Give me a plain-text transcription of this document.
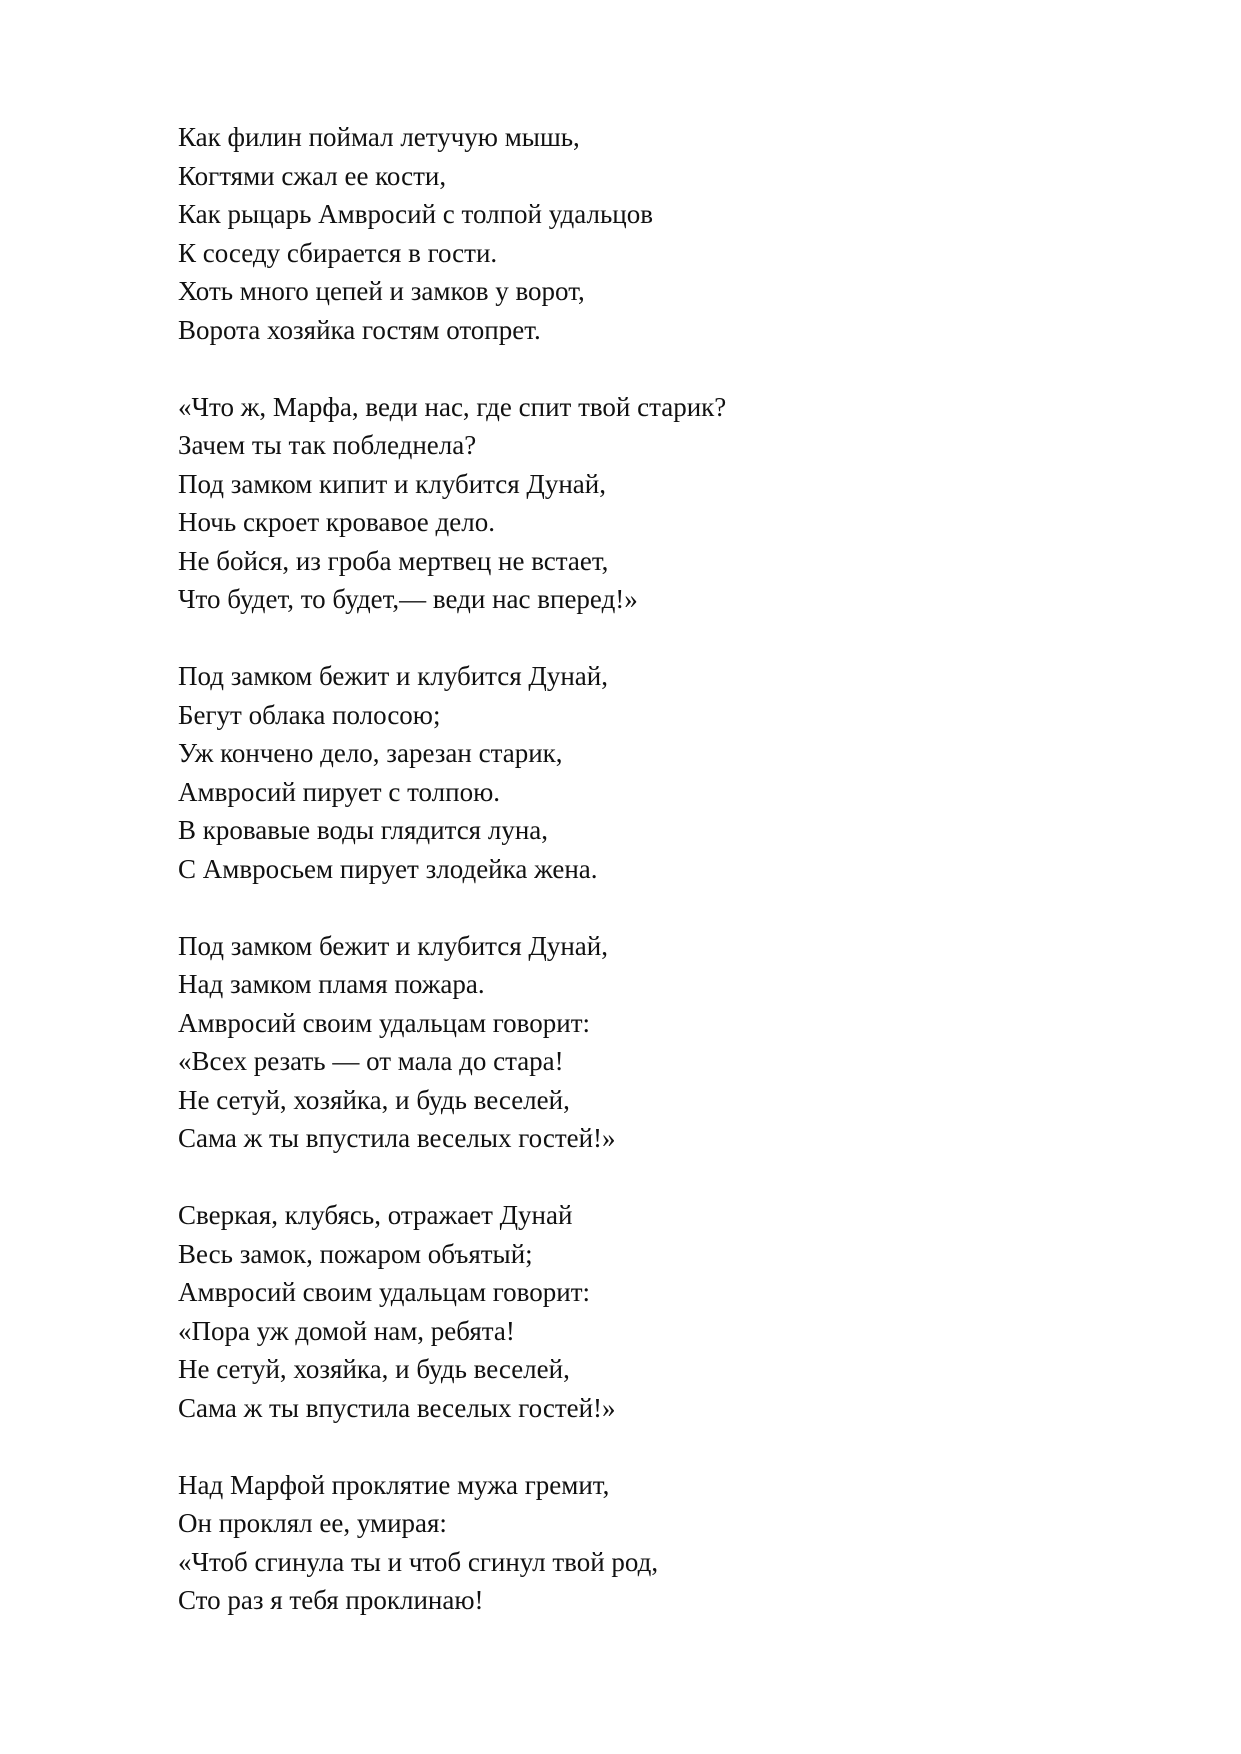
Как филин поймал летучую мышь,
Когтями сжал ее кости,
Как рыцарь Амвросий с толпой удальцов
К соседу сбирается в гости.
Хоть много цепей и замков у ворот,
Ворота хозяйка гостям отопрет.
«Что ж, Марфа, веди нас, где спит твой старик?
Зачем ты так побледнела?
Под замком кипит и клубится Дунай,
Ночь скроет кровавое дело.
Не бойся, из гроба мертвец не встает,
Что будет, то будет,— веди нас вперед!»
Под замком бежит и клубится Дунай,
Бегут облака полосою;
Уж кончено дело, зарезан старик,
Амвросий пирует с толпою.
В кровавые воды глядится луна,
С Амвросьем пирует злодейка жена.
Под замком бежит и клубится Дунай,
Над замком пламя пожара.
Амвросий своим удальцам говорит:
«Всех резать — от мала до стара!
Не сетуй, хозяйка, и будь веселей,
Сама ж ты впустила веселых гостей!»
Сверкая, клубясь, отражает Дунай
Весь замок, пожаром объятый;
Амвросий своим удальцам говорит:
«Пора уж домой нам, ребята!
Не сетуй, хозяйка, и будь веселей,
Сама ж ты впустила веселых гостей!»
Над Марфой проклятие мужа гремит,
Он проклял ее, умирая:
«Чтоб сгинула ты и чтоб сгинул твой род,
Сто раз я тебя проклинаю!
